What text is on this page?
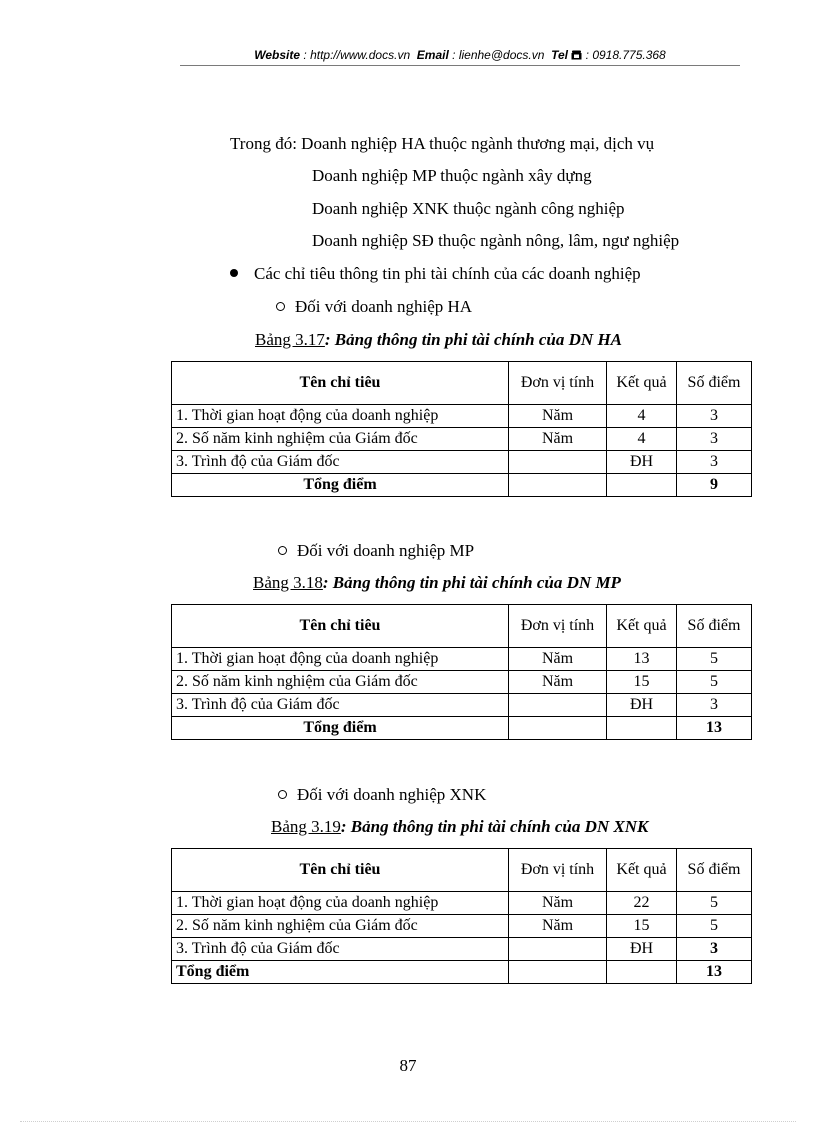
Website : http://www.docs.vn Email : lienhe@docs.vn Tel : 0918.775.368
Trong đó: Doanh nghiệp HA thuộc ngành thương mại, dịch vụ
Doanh nghiệp MP thuộc ngành xây dựng
Doanh nghiệp XNK thuộc ngành công nghiệp
Doanh nghiệp SĐ thuộc ngành nông, lâm, ngư nghiệp
Các chỉ tiêu thông tin phi tài chính của các doanh nghiệp
Đối với doanh nghiệp HA
Bảng 3.17: Bảng thông tin phi tài chính của DN HA
Tên chỉ tiêu	Đơn vị tính	Kết quả	Số điểm
1. Thời gian hoạt động của doanh nghiệp	Năm	4	3
2. Số năm kinh nghiệm của Giám đốc	Năm	4	3
3. Trình độ của Giám đốc		ĐH	3
Tổng điểm			9
Đối với doanh nghiệp MP
Bảng 3.18: Bảng thông tin phi tài chính của DN MP
Tên chỉ tiêu	Đơn vị tính	Kết quả	Số điểm
1. Thời gian hoạt động của doanh nghiệp	Năm	13	5
2. Số năm kinh nghiệm của Giám đốc	Năm	15	5
3. Trình độ của Giám đốc		ĐH	3
Tổng điểm			13
Đối với doanh nghiệp XNK
Bảng 3.19: Bảng thông tin phi tài chính của DN XNK
Tên chỉ tiêu	Đơn vị tính	Kết quả	Số điểm
1. Thời gian hoạt động của doanh nghiệp	Năm	22	5
2. Số năm kinh nghiệm của Giám đốc	Năm	15	5
3. Trình độ của Giám đốc		ĐH	3
Tổng điểm			13
87
